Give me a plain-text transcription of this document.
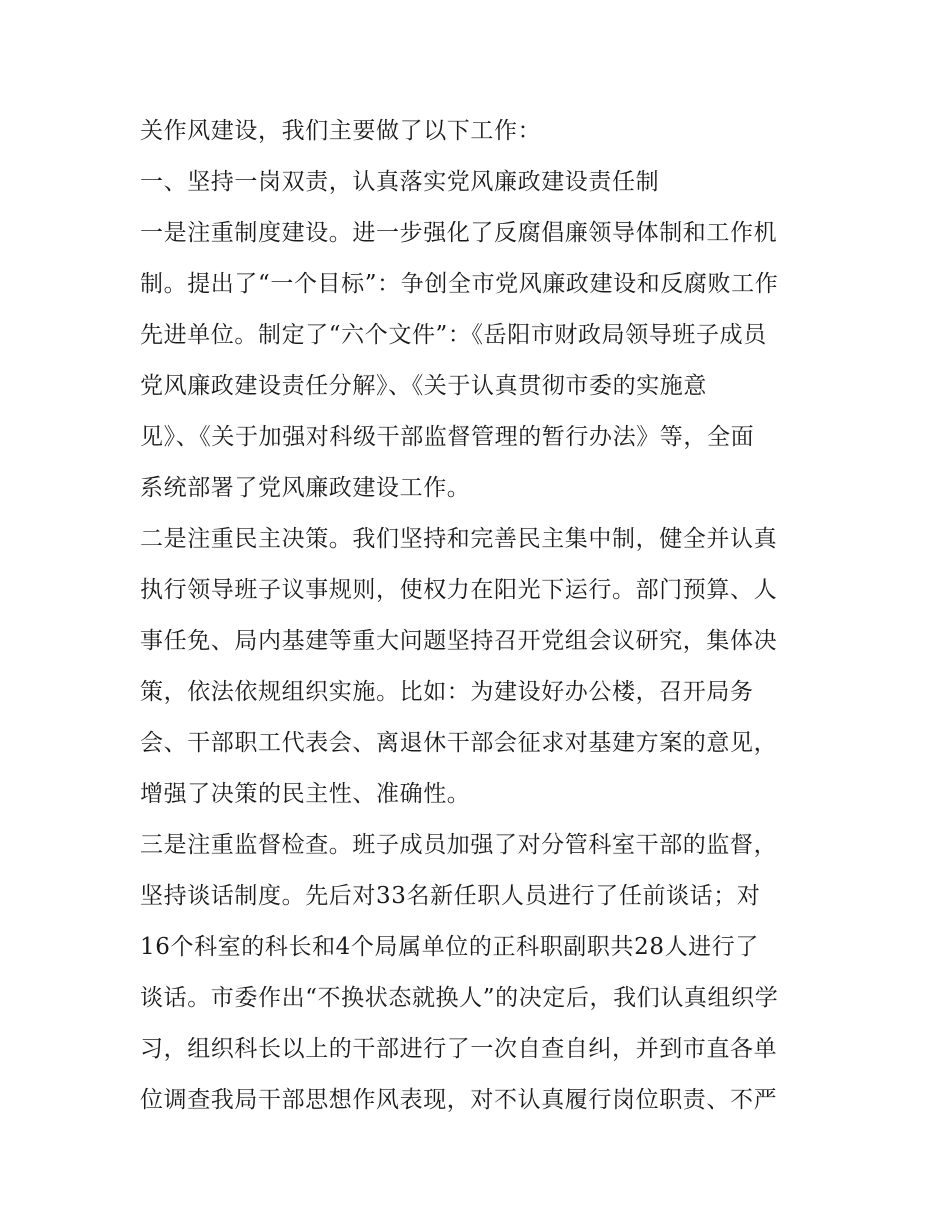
关作风建设，我们主要做了以下工作：
一、坚持一岗双责，认真落实党风廉政建设责任制
一是注重制度建设。进一步强化了反腐倡廉领导体制和工作机
制。提出了“一个目标”：争创全市党风廉政建设和反腐败工作
先进单位。制定了“六个文件”：《岳阳市财政局领导班子成员
党风廉政建设责任分解》、《关于认真贯彻市委的实施意
见》、《关于加强对科级干部监督管理的暂行办法》等，全面
系统部署了党风廉政建设工作。
二是注重民主决策。我们坚持和完善民主集中制，健全并认真
执行领导班子议事规则，使权力在阳光下运行。部门预算、人
事任免、局内基建等重大问题坚持召开党组会议研究，集体决
策，依法依规组织实施。比如：为建设好办公楼，召开局务
会、干部职工代表会、离退休干部会征求对基建方案的意见，
增强了决策的民主性、准确性。
三是注重监督检查。班子成员加强了对分管科室干部的监督，
坚持谈话制度。先后对33名新任职人员进行了任前谈话；对
16个科室的科长和4个局属单位的正科职副职共28人进行了
谈话。市委作出“不换状态就换人”的决定后，我们认真组织学
习，组织科长以上的干部进行了一次自查自纠，并到市直各单
位调查我局干部思想作风表现，对不认真履行岗位职责、不严
